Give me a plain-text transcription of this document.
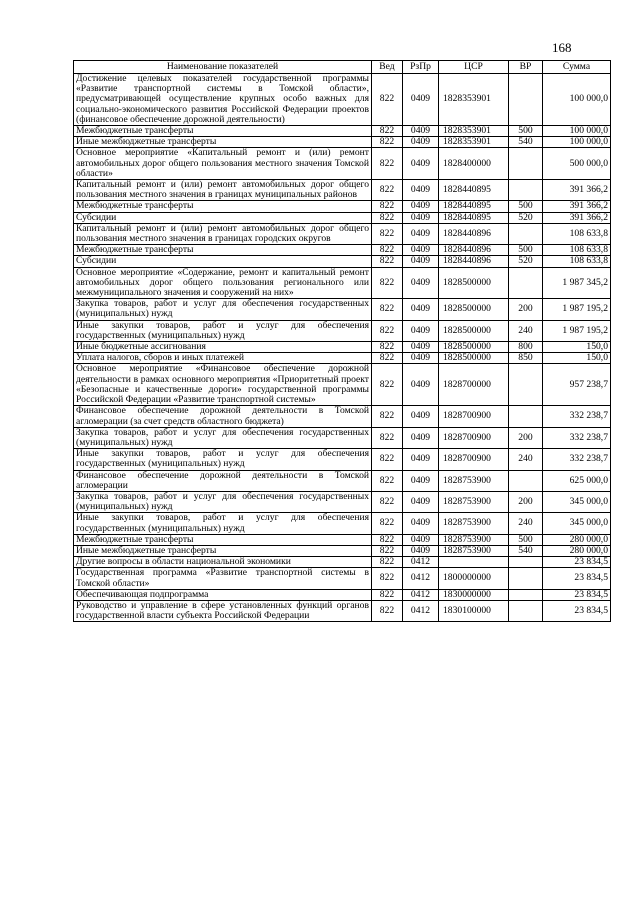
168
Наименование показателей	Вед	РзПр	ЦСР	ВР	Сумма
Достижение целевых показателей государственной программы «Развитие транспортной системы в Томской области», предусматривающей осуществление крупных особо важных для социально-экономического развития Российской Федерации проектов (финансовое обеспечение дорожной деятельности)	822	0409	1828353901		100 000,0
Межбюджетные трансферты	822	0409	1828353901	500	100 000,0
Иные межбюджетные трансферты	822	0409	1828353901	540	100 000,0
Основное мероприятие «Капитальный ремонт и (или) ремонт автомобильных дорог общего пользования местного значения Томской области»	822	0409	1828400000		500 000,0
Капитальный ремонт и (или) ремонт автомобильных дорог общего пользования местного значения в границах муниципальных районов	822	0409	1828440895		391 366,2
Межбюджетные трансферты	822	0409	1828440895	500	391 366,2
Субсидии	822	0409	1828440895	520	391 366,2
Капитальный ремонт и (или) ремонт автомобильных дорог общего пользования местного значения в границах городских округов	822	0409	1828440896		108 633,8
Межбюджетные трансферты	822	0409	1828440896	500	108 633,8
Субсидии	822	0409	1828440896	520	108 633,8
Основное мероприятие «Содержание, ремонт и капитальный ремонт автомобильных дорог общего пользования регионального или межмуниципального значения и сооружений на них»	822	0409	1828500000		1 987 345,2
Закупка товаров, работ и услуг для обеспечения государственных (муниципальных) нужд	822	0409	1828500000	200	1 987 195,2
Иные закупки товаров, работ и услуг для обеспечения государственных (муниципальных) нужд	822	0409	1828500000	240	1 987 195,2
Иные бюджетные ассигнования	822	0409	1828500000	800	150,0
Уплата налогов, сборов и иных платежей	822	0409	1828500000	850	150,0
Основное мероприятие «Финансовое обеспечение дорожной деятельности в рамках основного мероприятия «Приоритетный проект «Безопасные и качественные дороги» государственной программы Российской Федерации «Развитие транспортной системы»	822	0409	1828700000		957 238,7
Финансовое обеспечение дорожной деятельности в Томской агломерации (за счет средств областного бюджета)	822	0409	1828700900		332 238,7
Закупка товаров, работ и услуг для обеспечения государственных (муниципальных) нужд	822	0409	1828700900	200	332 238,7
Иные закупки товаров, работ и услуг для обеспечения государственных (муниципальных) нужд	822	0409	1828700900	240	332 238,7
Финансовое обеспечение дорожной деятельности в Томской агломерации	822	0409	1828753900		625 000,0
Закупка товаров, работ и услуг для обеспечения государственных (муниципальных) нужд	822	0409	1828753900	200	345 000,0
Иные закупки товаров, работ и услуг для обеспечения государственных (муниципальных) нужд	822	0409	1828753900	240	345 000,0
Межбюджетные трансферты	822	0409	1828753900	500	280 000,0
Иные межбюджетные трансферты	822	0409	1828753900	540	280 000,0
Другие вопросы в области национальной экономики	822	0412			23 834,5
Государственная программа «Развитие транспортной системы в Томской области»	822	0412	1800000000		23 834,5
Обеспечивающая подпрограмма	822	0412	1830000000		23 834,5
Руководство и управление в сфере установленных функций органов государственной власти субъекта Российской Федерации	822	0412	1830100000		23 834,5
